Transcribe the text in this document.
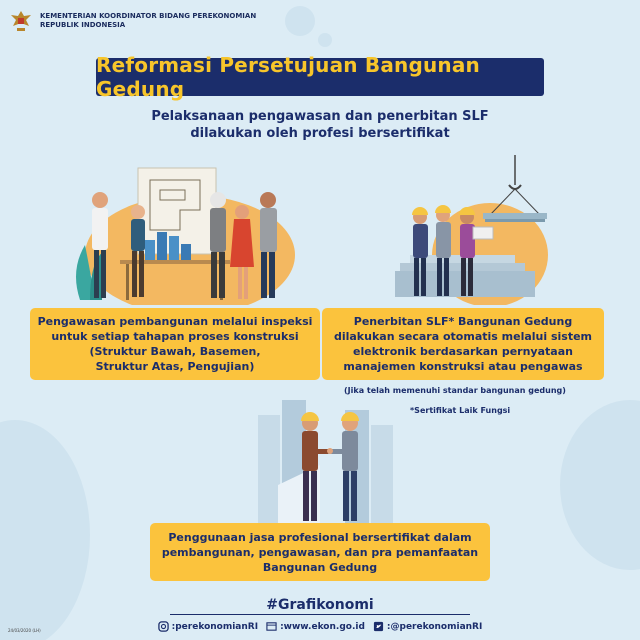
KEMENTERIAN KOORDINATOR BIDANG PEREKONOMIAN
REPUBLIK INDONESIA
Reformasi Persetujuan Bangunan Gedung
Pelaksanaan pengawasan dan penerbitan SLF
dilakukan oleh profesi bersertifikat
Pengawasan pembangunan melalui inspeksi
untuk setiap tahapan proses konstruksi
(Struktur Bawah, Basemen,
Struktur Atas, Pengujian)
Penerbitan SLF* Bangunan Gedung
dilakukan secara otomatis melalui sistem
elektronik berdasarkan pernyataan
manajemen konstruksi atau pengawas
(Jika telah memenuhi standar bangunan gedung)
*Sertifikat Laik Fungsi
Penggunaan jasa profesional bersertifikat dalam
pembangunan, pengawasan, dan pra pemanfaatan
Bangunan Gedung
#Grafikonomi
:perekonomianRI :www.ekon.go.id :@perekonomianRI
24/03/2020 (LH)
